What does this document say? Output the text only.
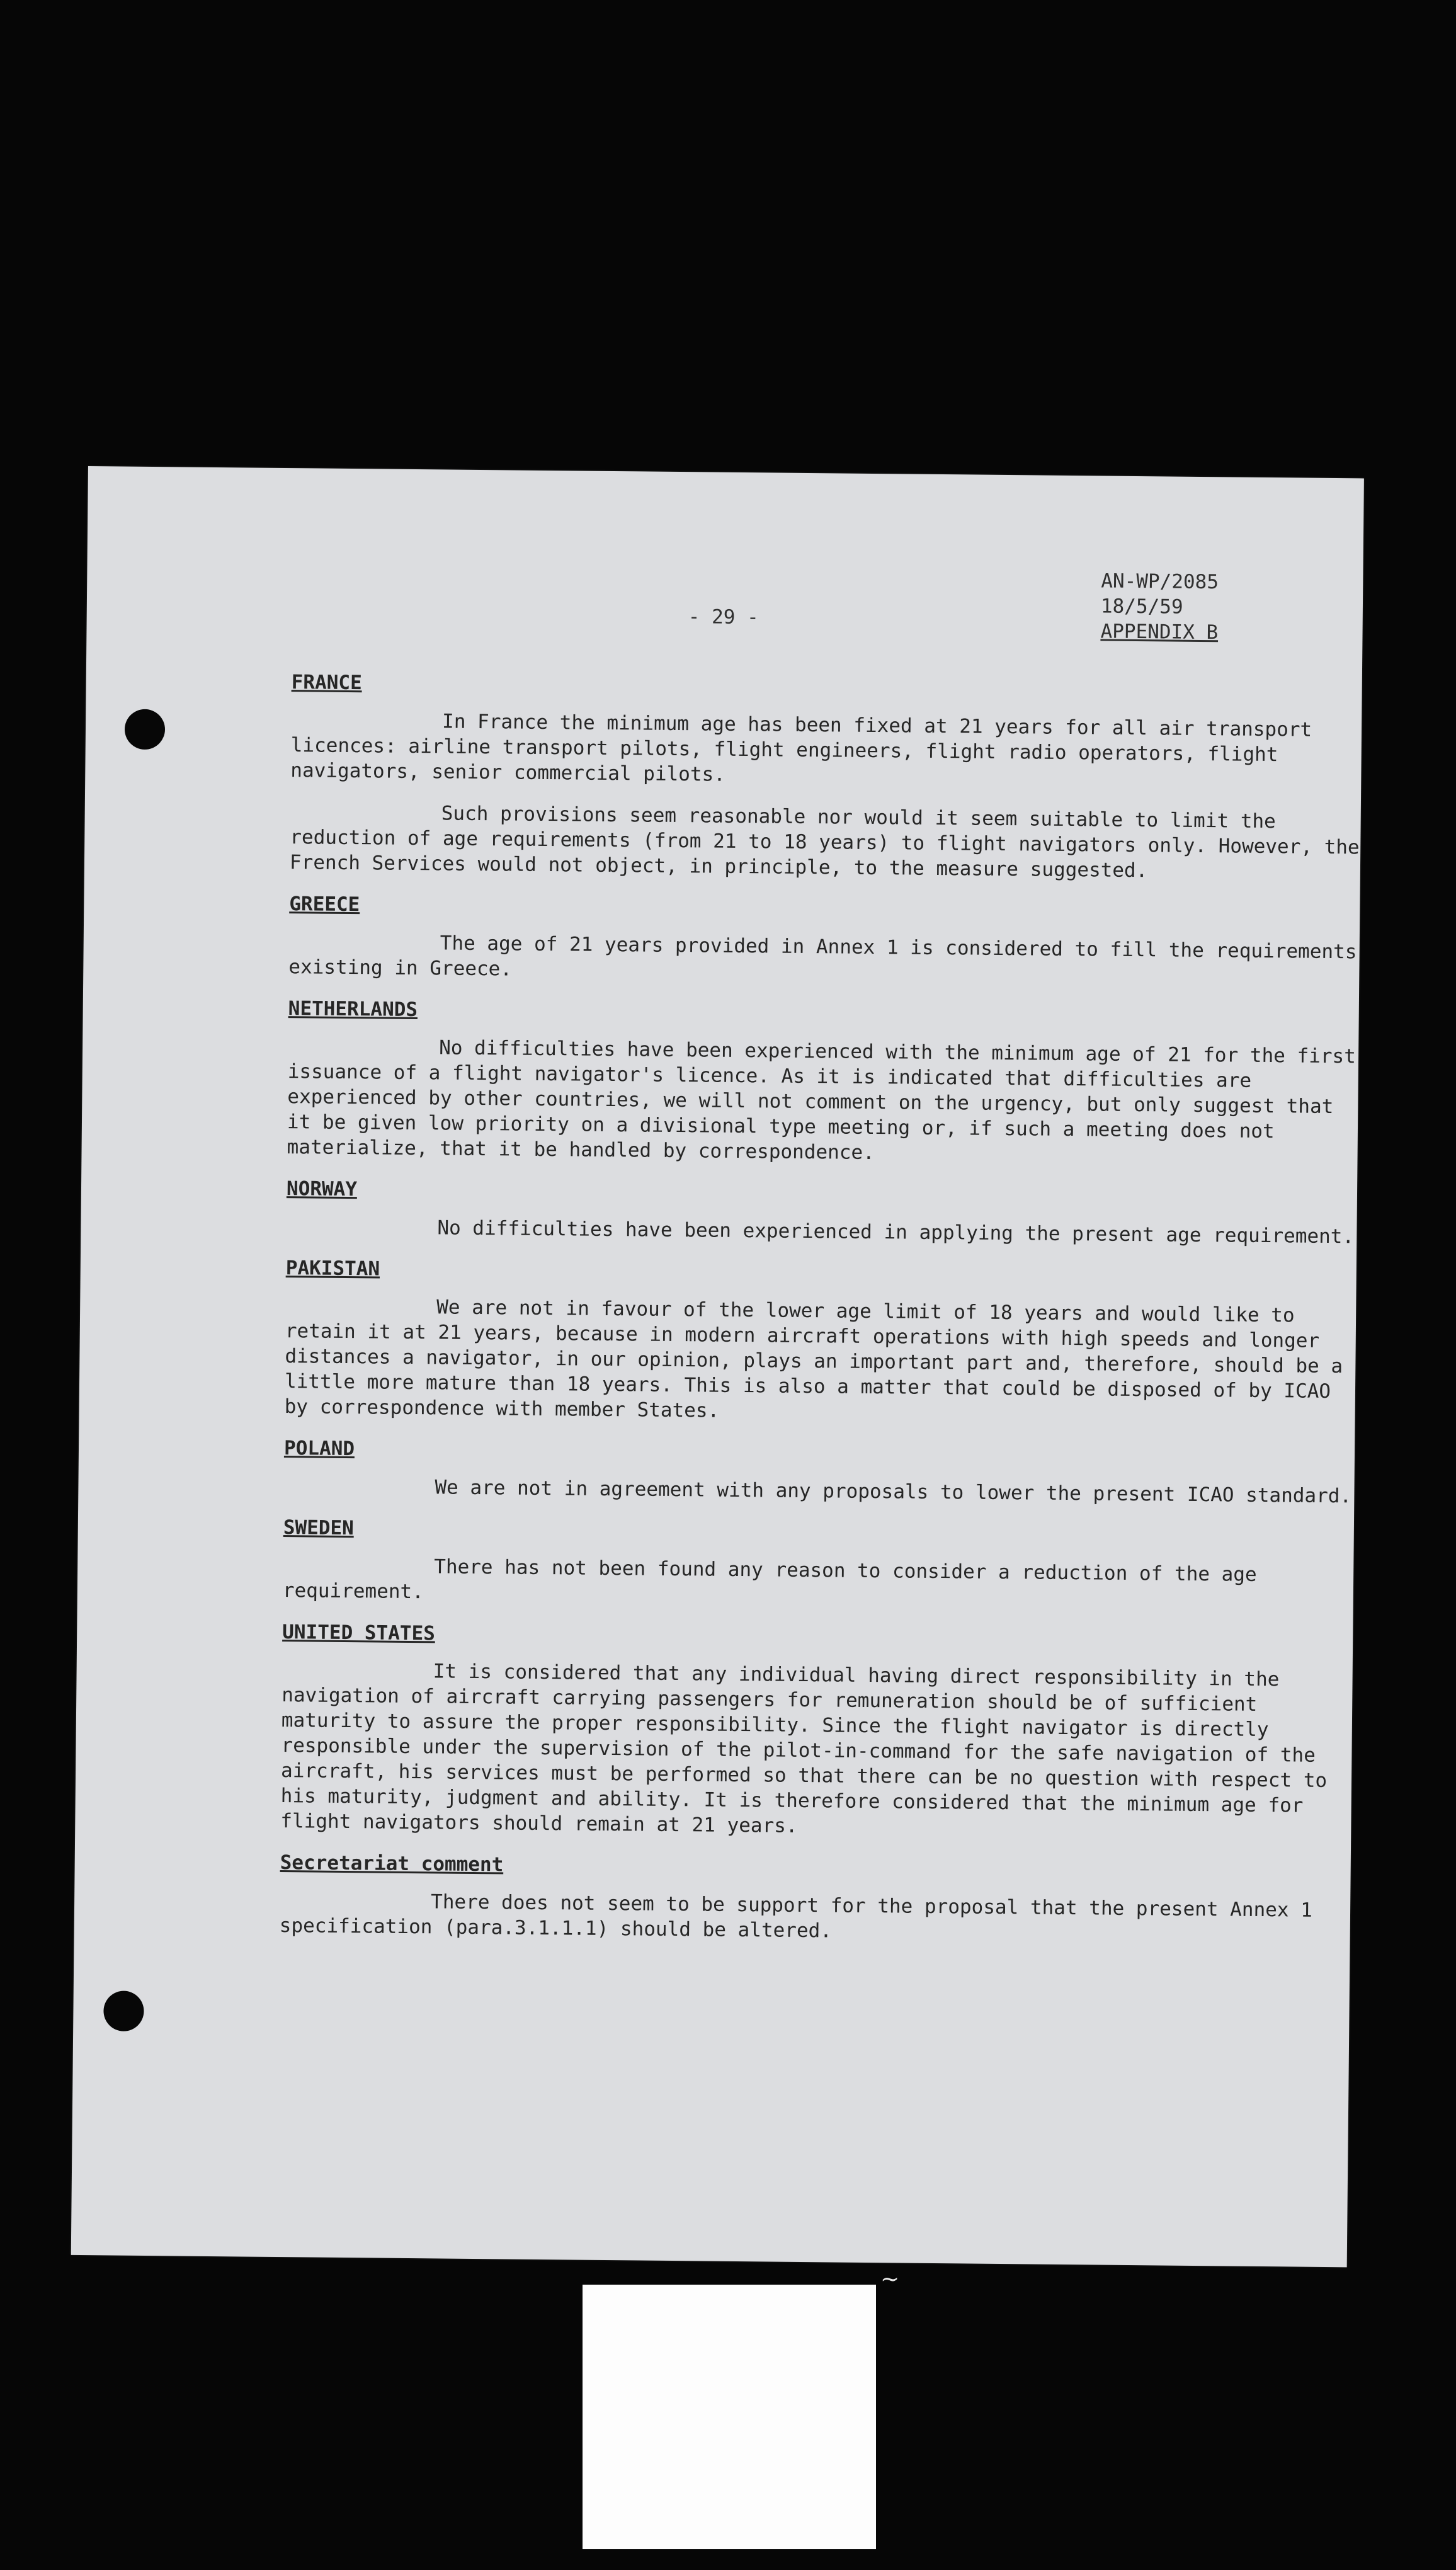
- 29 -
AN-WP/2085
18/5/59
APPENDIX B
FRANCE

In France the minimum age has been fixed at 21 years for all air transport licences: airline transport pilots, flight engineers, flight radio operators, flight navigators, senior commercial pilots.

Such provisions seem reasonable nor would it seem suitable to limit the reduction of age requirements (from 21 to 18 years) to flight navigators only. However, the French Services would not object, in principle, to the measure suggested.

GREECE

The age of 21 years provided in Annex 1 is considered to fill the requirements existing in Greece.

NETHERLANDS

No difficulties have been experienced with the minimum age of 21 for the first issuance of a flight navigator's licence. As it is indicated that difficulties are experienced by other countries, we will not comment on the urgency, but only suggest that it be given low priority on a divisional type meeting or, if such a meeting does not materialize, that it be handled by correspondence.

NORWAY

No difficulties have been experienced in applying the present age requirement.

PAKISTAN

We are not in favour of the lower age limit of 18 years and would like to retain it at 21 years, because in modern aircraft operations with high speeds and longer distances a navigator, in our opinion, plays an important part and, therefore, should be a little more mature than 18 years. This is also a matter that could be disposed of by ICAO by correspondence with member States.

POLAND

We are not in agreement with any proposals to lower the present ICAO standard.

SWEDEN

There has not been found any reason to consider a reduction of the age requirement.

UNITED STATES

It is considered that any individual having direct responsibility in the navigation of aircraft carrying passengers for remuneration should be of sufficient maturity to assure the proper responsibility. Since the flight navigator is directly responsible under the supervision of the pilot-in-command for the safe navigation of the aircraft, his services must be performed so that there can be no question with respect to his maturity, judgment and ability. It is therefore considered that the minimum age for flight navigators should remain at 21 years.

Secretariat comment

There does not seem to be support for the proposal that the present Annex 1 specification (para.3.1.1.1) should be altered.

~
